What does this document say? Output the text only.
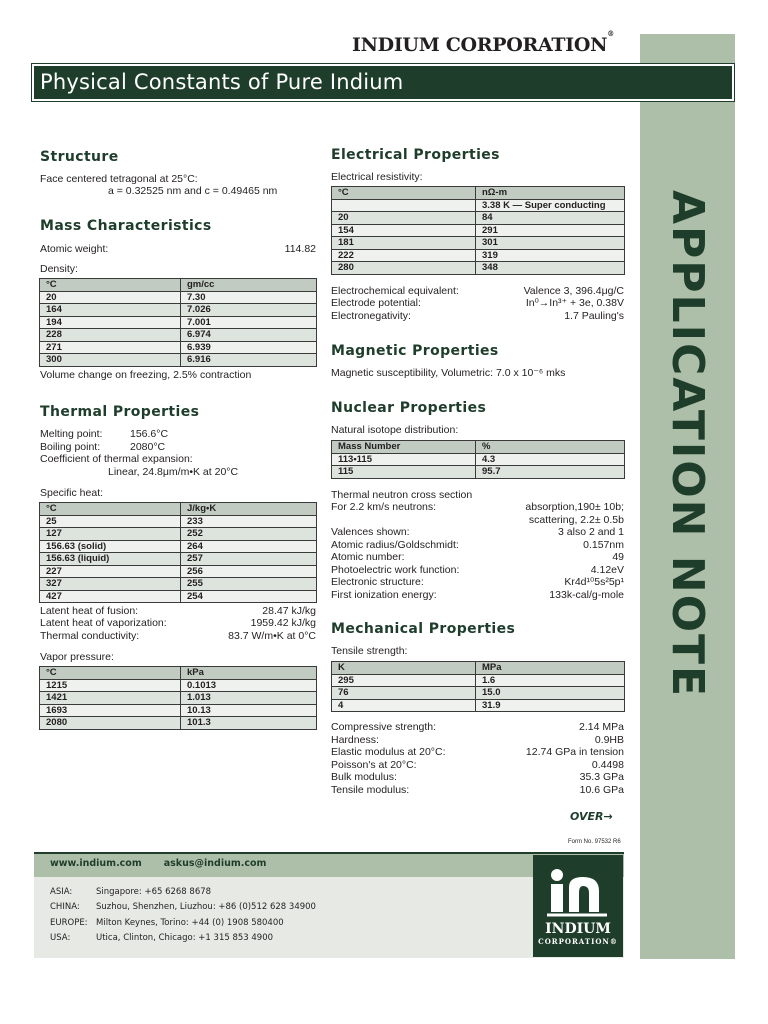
APPLICATION NOTE
INDIUM CORPORATION®
Physical Constants of Pure Indium
Structure
Face centered tetragonal at 25°C:
a = 0.32525 nm and c = 0.49465 nm
Mass Characteristics
Atomic weight:	114.82
Density:
°C	gm/cc
20	7.30
164	7.026
194	7.001
228	6.974
271	6.939
300	6.916
Volume change on freezing, 2.5% contraction
Thermal Properties
Melting point:	156.6°C
Boiling point:	2080°C
Coefficient of thermal expansion:
Linear, 24.8μm/m•K at 20°C
Specific heat:
°C	J/kg•K
25	233
127	252
156.63 (solid)	264
156.63 (liquid)	257
227	256
327	255
427	254
Latent heat of fusion:	28.47 kJ/kg
Latent heat of vaporization:	1959.42 kJ/kg
Thermal conductivity:	83.7 W/m•K at 0°C
Vapor pressure:
°C	kPa
1215	0.1013
1421	1.013
1693	10.13
2080	101.3
Electrical Properties
Electrical resistivity:
°C	nΩ-m
	3.38 K — Super conducting
20	84
154	291
181	301
222	319
280	348
Electrochemical equivalent:	Valence 3, 396.4μg/C
Electrode potential:	In⁰→In³⁺ + 3e, 0.38V
Electronegativity:	1.7 Pauling's
Magnetic Properties
Magnetic susceptibility, Volumetric: 7.0 x 10⁻⁶ mks
Nuclear Properties
Natural isotope distribution:
Mass Number	%
113•115	4.3
115	95.7
Thermal neutron cross section
For 2.2 km/s neutrons:	absorption,190± 10b;
scattering, 2.2± 0.5b
Valences shown:	3 also 2 and 1
Atomic radius/Goldschmidt:	0.157nm
Atomic number:	49
Photoelectric work function:	4.12eV
Electronic structure:	Kr4d¹⁰5s²5p¹
First ionization energy:	133k-cal/g-mole
Mechanical Properties
Tensile strength:
K	MPa
295	1.6
76	15.0
4	31.9
Compressive strength:	2.14 MPa
Hardness:	0.9HB
Elastic modulus at 20°C:	12.74 GPa in tension
Poisson's at 20°C:	0.4498
Bulk modulus:	35.3 GPa
Tensile modulus:	10.6 GPa
OVER→
Form No. 97532 R6
www.indium.com askus@indium.com
ASIA:	Singapore: +65 6268 8678
CHINA: Suzhou, Shenzhen, Liuzhou: +86 (0)512 628 34900
EUROPE: Milton Keynes, Torino: +44 (0) 1908 580400
USA:	Utica, Clinton, Chicago: +1 315 853 4900
INDIUM
CORPORATION®
